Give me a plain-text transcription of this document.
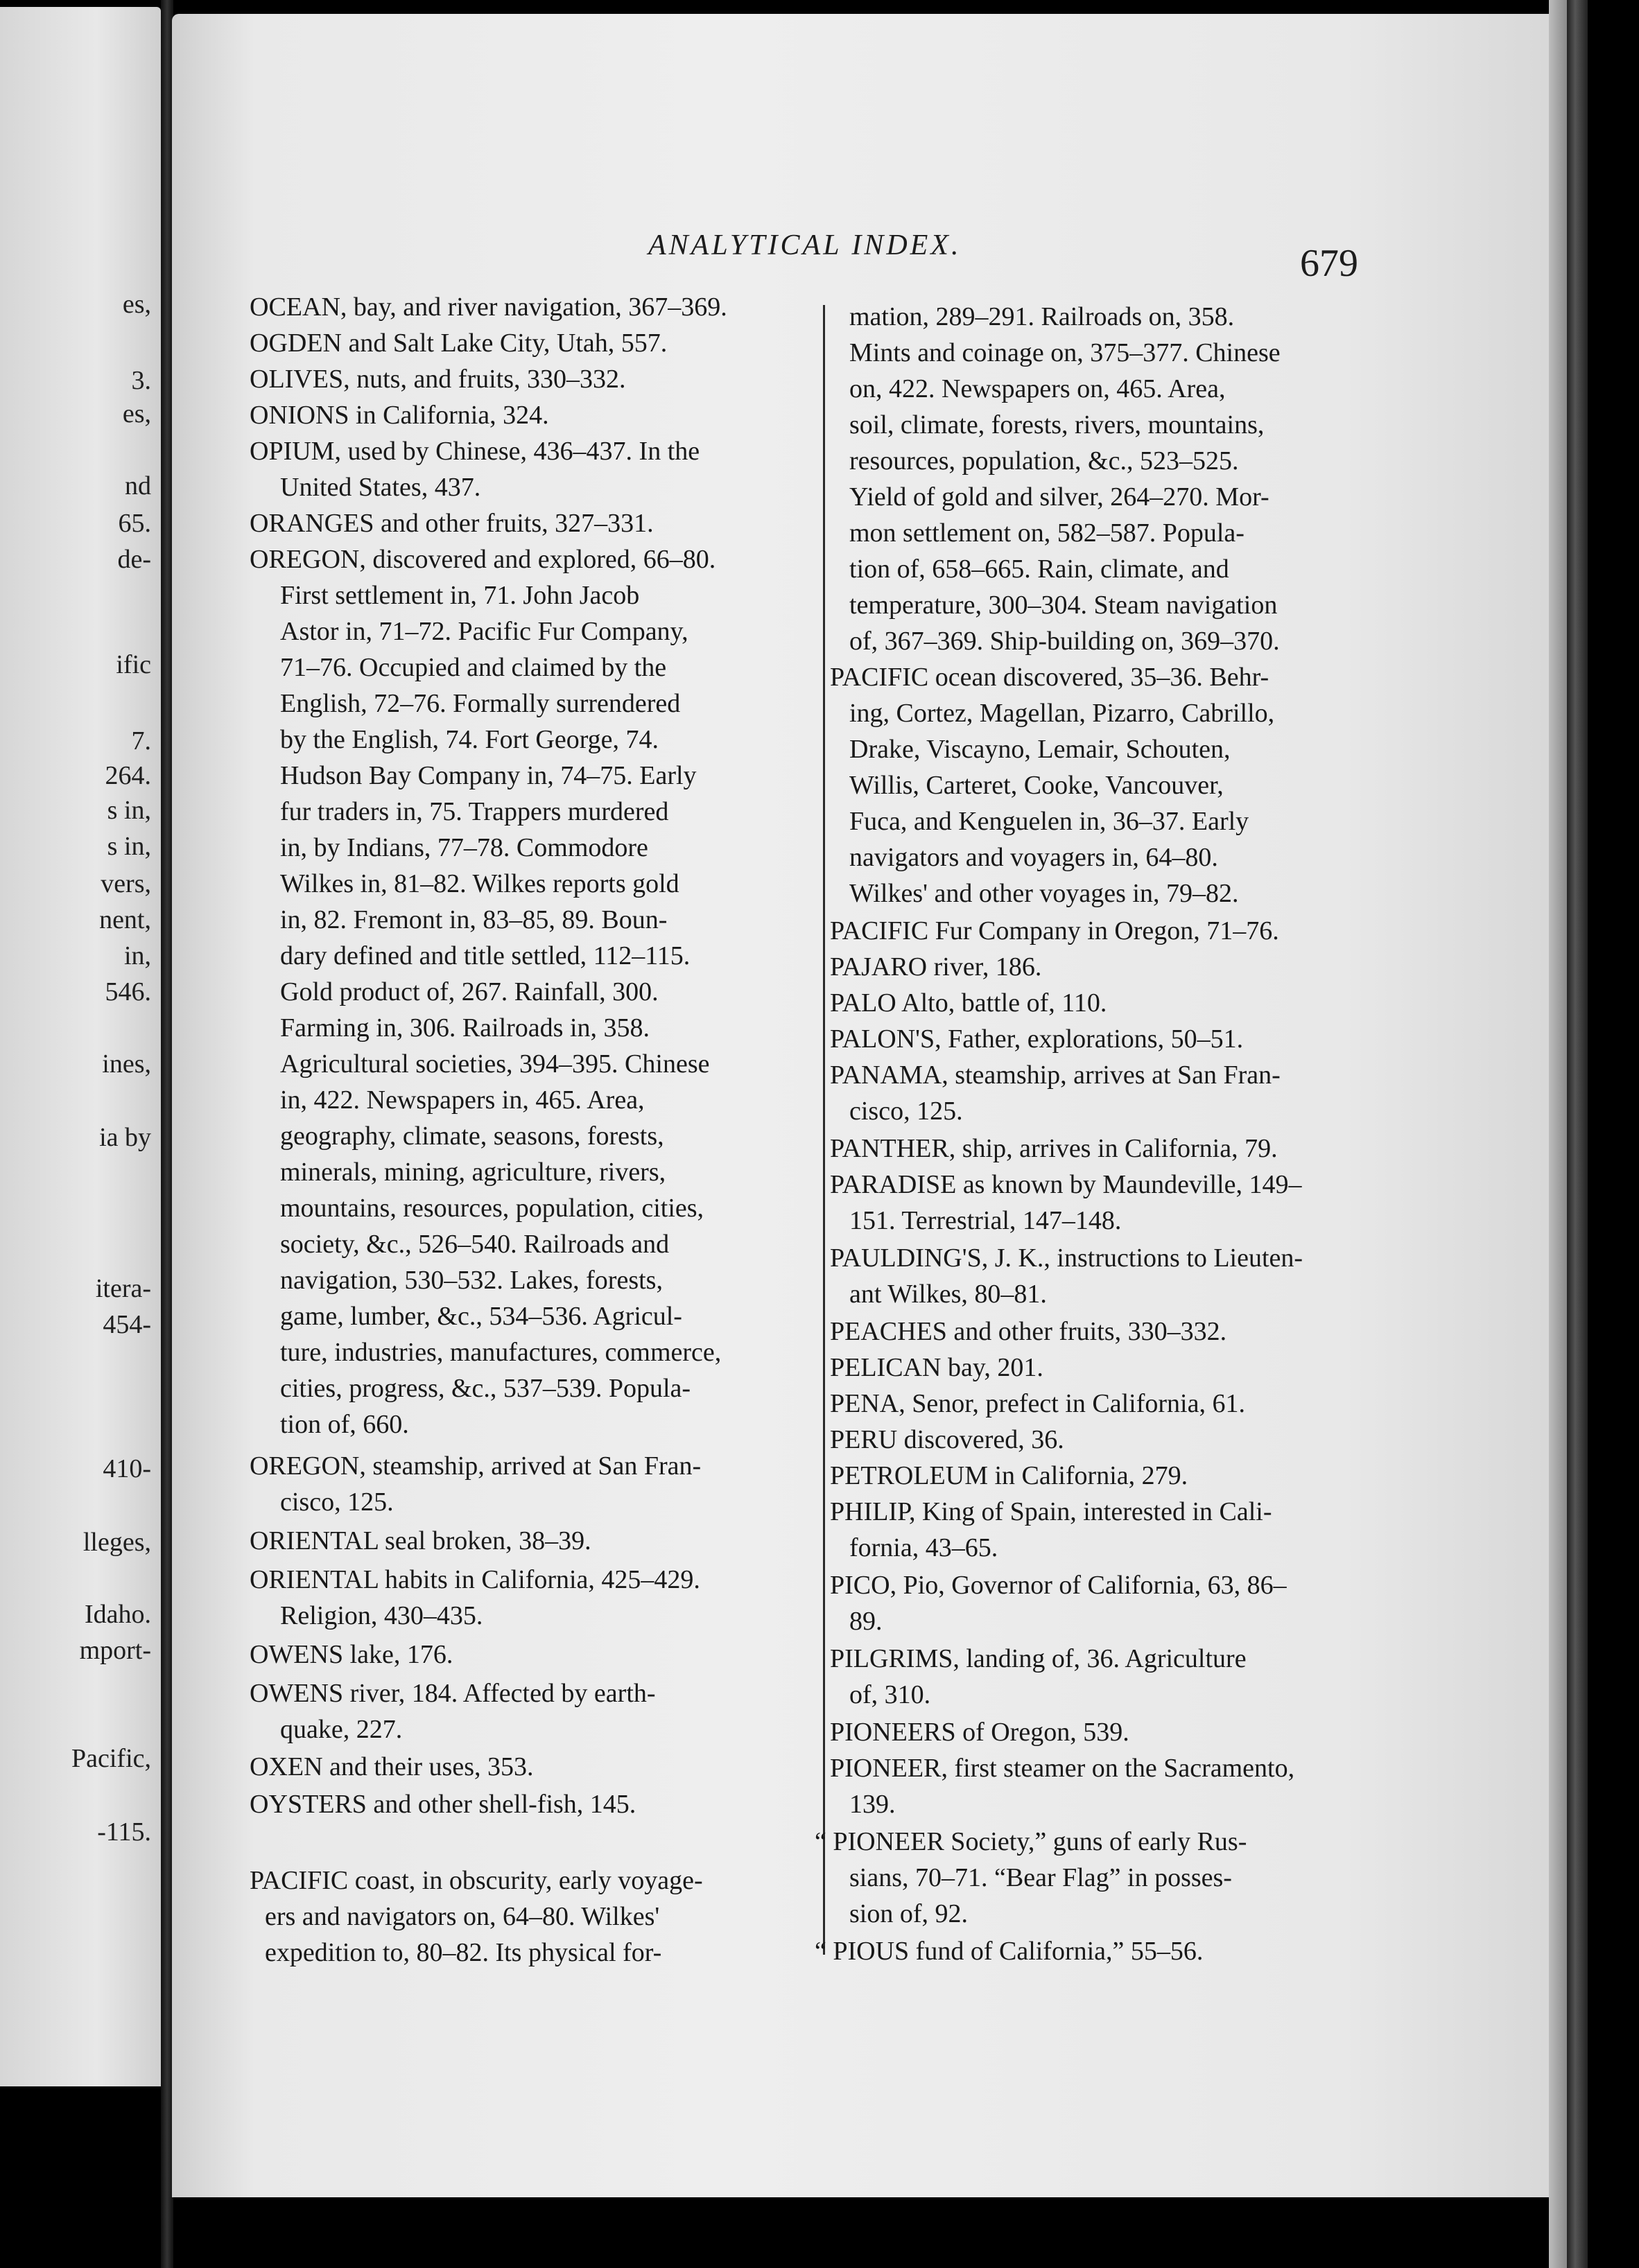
es,
3.
es,
nd
65.
de-
ific
7.
264.
s in,
s in,
vers,
nent,
in,
546.
ines,
ia by
itera-
454-
410-
lleges,
Idaho.
mport-
Pacific,
-115.
ANALYTICAL INDEX.	679
OCEAN, bay, and river navigation, 367–369.
OGDEN and Salt Lake City, Utah, 557.
OLIVES, nuts, and fruits, 330–332.
ONIONS in California, 324.
OPIUM, used by Chinese, 436–437. In the
United States, 437.
ORANGES and other fruits, 327–331.
OREGON, discovered and explored, 66–80.
First settlement in, 71. John Jacob
Astor in, 71–72. Pacific Fur Company,
71–76. Occupied and claimed by the
English, 72–76. Formally surrendered
by the English, 74. Fort George, 74.
Hudson Bay Company in, 74–75. Early
fur traders in, 75. Trappers murdered
in, by Indians, 77–78. Commodore
Wilkes in, 81–82. Wilkes reports gold
in, 82. Fremont in, 83–85, 89. Boun-
dary defined and title settled, 112–115.
Gold product of, 267. Rainfall, 300.
Farming in, 306. Railroads in, 358.
Agricultural societies, 394–395. Chinese
in, 422. Newspapers in, 465. Area,
geography, climate, seasons, forests,
minerals, mining, agriculture, rivers,
mountains, resources, population, cities,
society, &c., 526–540. Railroads and
navigation, 530–532. Lakes, forests,
game, lumber, &c., 534–536. Agricul-
ture, industries, manufactures, commerce,
cities, progress, &c., 537–539. Popula-
tion of, 660.
OREGON, steamship, arrived at San Fran-
cisco, 125.
ORIENTAL seal broken, 38–39.
ORIENTAL habits in California, 425–429.
Religion, 430–435.
OWENS lake, 176.
OWENS river, 184. Affected by earth-
quake, 227.
OXEN and their uses, 353.
OYSTERS and other shell-fish, 145.
PACIFIC coast, in obscurity, early voyage-
ers and navigators on, 64–80. Wilkes'
expedition to, 80–82. Its physical for-
mation, 289–291. Railroads on, 358.
Mints and coinage on, 375–377. Chinese
on, 422. Newspapers on, 465. Area,
soil, climate, forests, rivers, mountains,
resources, population, &c., 523–525.
Yield of gold and silver, 264–270. Mor-
mon settlement on, 582–587. Popula-
tion of, 658–665. Rain, climate, and
temperature, 300–304. Steam navigation
of, 367–369. Ship-building on, 369–370.
PACIFIC ocean discovered, 35–36. Behr-
ing, Cortez, Magellan, Pizarro, Cabrillo,
Drake, Viscayno, Lemair, Schouten,
Willis, Carteret, Cooke, Vancouver,
Fuca, and Kenguelen in, 36–37. Early
navigators and voyagers in, 64–80.
Wilkes' and other voyages in, 79–82.
PACIFIC Fur Company in Oregon, 71–76.
PAJARO river, 186.
PALO Alto, battle of, 110.
PALON'S, Father, explorations, 50–51.
PANAMA, steamship, arrives at San Fran-
cisco, 125.
PANTHER, ship, arrives in California, 79.
PARADISE as known by Maundeville, 149–
151. Terrestrial, 147–148.
PAULDING'S, J. K., instructions to Lieuten-
ant Wilkes, 80–81.
PEACHES and other fruits, 330–332.
PELICAN bay, 201.
PENA, Senor, prefect in California, 61.
PERU discovered, 36.
PETROLEUM in California, 279.
PHILIP, King of Spain, interested in Cali-
fornia, 43–65.
PICO, Pio, Governor of California, 63, 86–
89.
PILGRIMS, landing of, 36. Agriculture
of, 310.
PIONEERS of Oregon, 539.
PIONEER, first steamer on the Sacramento,
139.
“ PIONEER Society,” guns of early Rus-
sians, 70–71. “Bear Flag” in posses-
sion of, 92.
“ PIOUS fund of California,” 55–56.
